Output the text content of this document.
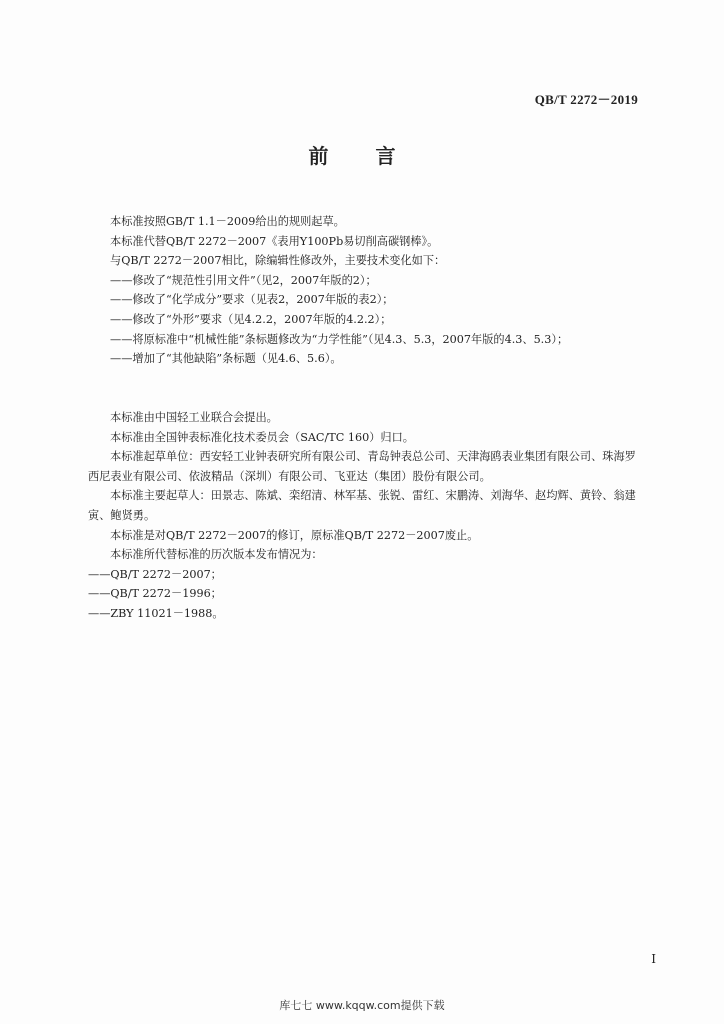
QB/T 2272－2019
前 言

本标准按照GB/T 1.1－2009给出的规则起草。

本标准代替QB/T 2272－2007《表用Y100Pb易切削高碳钢棒》。

与QB/T 2272－2007相比，除编辑性修改外，主要技术变化如下：

——修改了“规范性引用文件”（见2，2007年版的2）；

——修改了“化学成分”要求（见表2，2007年版的表2）；

——修改了“外形”要求（见4.2.2，2007年版的4.2.2）；

——将原标准中“机械性能”条标题修改为“力学性能”（见4.3、5.3，2007年版的4.3、5.3）；

——增加了“其他缺陷”条标题（见4.6、5.6）。

本标准由中国轻工业联合会提出。

本标准由全国钟表标准化技术委员会（SAC/TC 160）归口。

本标准起草单位：西安轻工业钟表研究所有限公司、青岛钟表总公司、天津海鸥表业集团有限公司、珠海罗西尼表业有限公司、依波精品（深圳）有限公司、飞亚达（集团）股份有限公司。

本标准主要起草人：田景志、陈斌、栾绍清、林军基、张锐、雷红、宋鹏涛、刘海华、赵均辉、黄铃、翁建寅、鲍贤勇。

本标准是对QB/T 2272－2007的修订，原标准QB/T 2272－2007废止。

本标准所代替标准的历次版本发布情况为：

——QB/T 2272－2007；

——QB/T 2272－1996；

——ZBY 11021－1988。

I
库七七 www.kqqw.com提供下载
